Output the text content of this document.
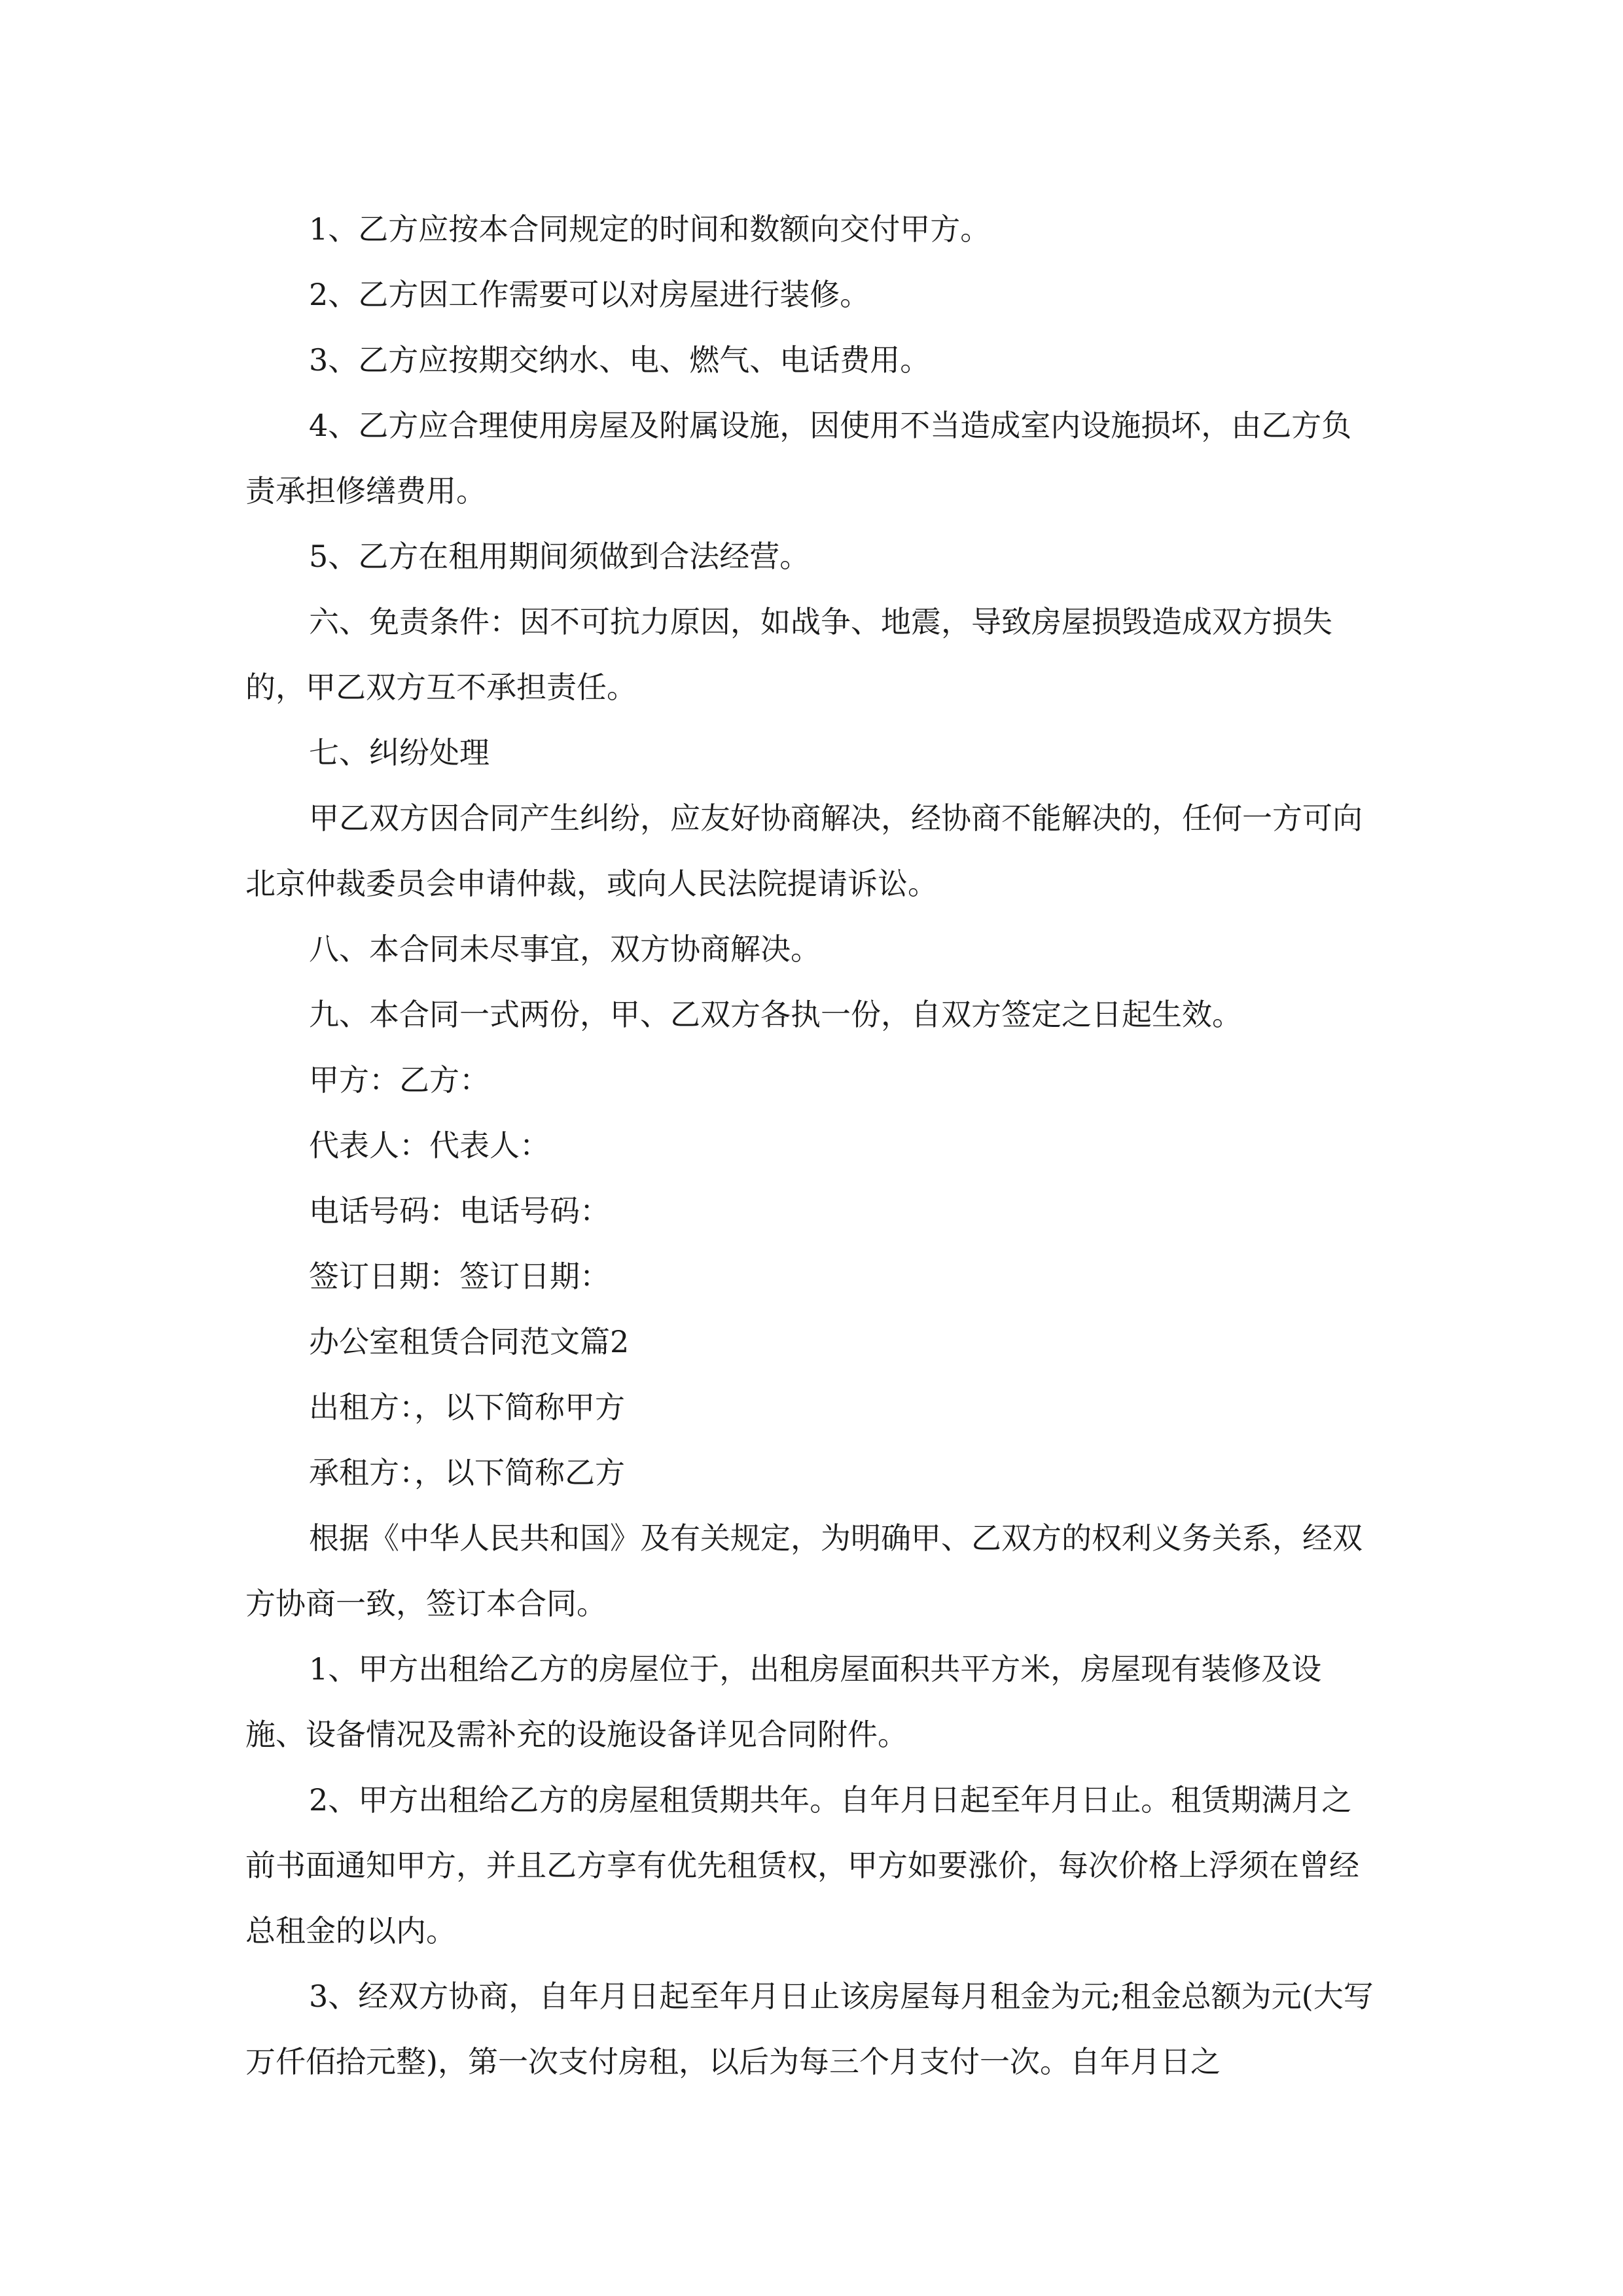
1、乙方应按本合同规定的时间和数额向交付甲方。

2、乙方因工作需要可以对房屋进行装修。

3、乙方应按期交纳水、电、燃气、电话费用。

4、乙方应合理使用房屋及附属设施，因使用不当造成室内设施损坏，由乙方负责承担修缮费用。

5、乙方在租用期间须做到合法经营。

六、免责条件：因不可抗力原因，如战争、地震，导致房屋损毁造成双方损失的，甲乙双方互不承担责任。

七、纠纷处理

甲乙双方因合同产生纠纷，应友好协商解决，经协商不能解决的，任何一方可向北京仲裁委员会申请仲裁，或向人民法院提请诉讼。

八、本合同未尽事宜，双方协商解决。

九、本合同一式两份，甲、乙双方各执一份，自双方签定之日起生效。

甲方：乙方：

代表人：代表人：

电话号码：电话号码：

签订日期：签订日期：

办公室租赁合同范文篇2

出租方：，以下简称甲方

承租方：，以下简称乙方

根据《中华人民共和国》及有关规定，为明确甲、乙双方的权利义务关系，经双方协商一致，签订本合同。

1、甲方出租给乙方的房屋位于，出租房屋面积共平方米，房屋现有装修及设施、设备情况及需补充的设施设备详见合同附件。

2、甲方出租给乙方的房屋租赁期共年。自年月日起至年月日止。租赁期满月之前书面通知甲方，并且乙方享有优先租赁权，甲方如要涨价，每次价格上浮须在曾经总租金的以内。

3、经双方协商，自年月日起至年月日止该房屋每月租金为元;租金总额为元(大写万仟佰拾元整)，第一次支付房租，以后为每三个月支付一次。自年月日之
